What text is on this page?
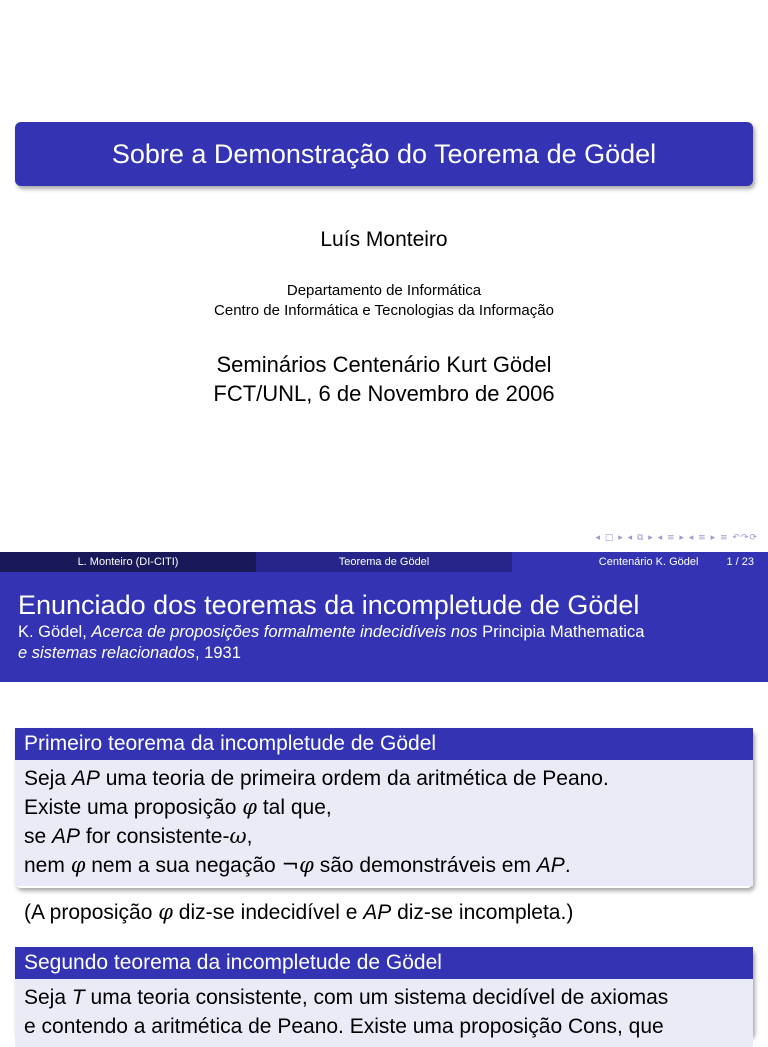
Sobre a Demonstração do Teorema de Gödel
Luís Monteiro
Departamento de Informática
Centro de Informática e Tecnologias da Informação
Seminários Centenário Kurt Gödel
FCT/UNL, 6 de Novembro de 2006
◂ □ ▸ ◂ ⧉ ▸ ◂ ≡ ▸ ◂ ≡ ▸ ≡ ↶↷⟳
L. Monteiro (DI-CITI)	Teorema de Gödel	Centenário K. Gödel	1 / 23
Enunciado dos teoremas da incompletude de Gödel
K. Gödel, Acerca de proposições formalmente indecidíveis nos Principia Mathematica
e sistemas relacionados, 1931
Primeiro teorema da incompletude de Gödel
Seja AP uma teoria de primeira ordem da aritmética de Peano.
Existe uma proposição φ tal que,
se AP for consistente-ω,
nem φ nem a sua negação ¬φ são demonstráveis em AP.
(A proposição φ diz-se indecidível e AP diz-se incompleta.)
Segundo teorema da incompletude de Gödel
Seja T uma teoria consistente, com um sistema decidível de axiomas
e contendo a aritmética de Peano. Existe uma proposição Cons, que
